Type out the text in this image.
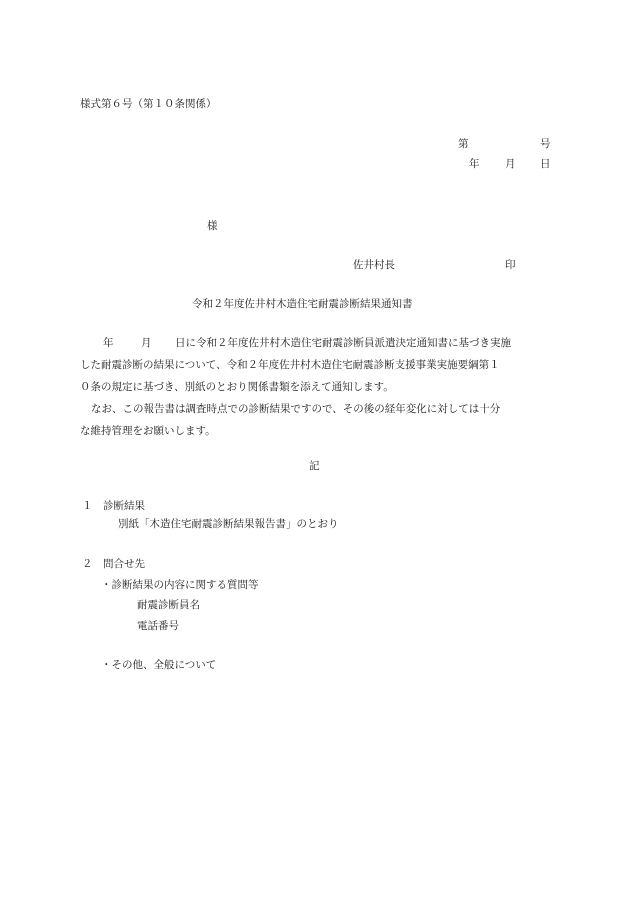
様式第６号（第１０条関係）
第	号
年 月 日
様
佐井村長	印
令和２年度佐井村木造住宅耐震診断結果通知書
年	月	日に令和２年度佐井村木造住宅耐震診断員派遣決定通知書に基づき実施

した耐震診断の結果について、令和２年度佐井村木造住宅耐震診断支援事業実施要綱第１

０条の規定に基づき、別紙のとおり関係書類を添えて通知します。

なお、この報告書は調査時点での診断結果ですので、その後の経年変化に対しては十分

な維持管理をお願いします。

記
１ 診断結果
別紙「木造住宅耐震診断結果報告書」のとおり
２ 問合せ先
・診断結果の内容に関する質問等
耐震診断員名
電話番号
・その他、全般について
